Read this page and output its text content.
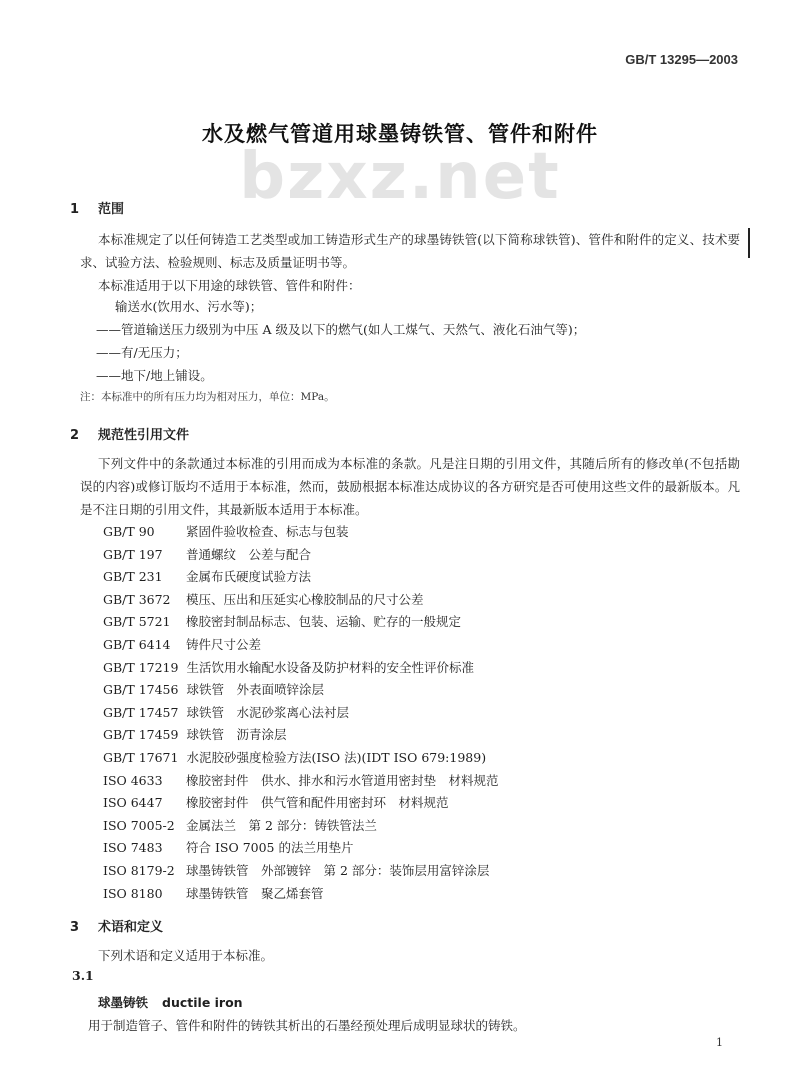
bzxz.net
GB/T 13295—2003
水及燃气管道用球墨铸铁管、管件和附件
1 范围
本标准规定了以任何铸造工艺类型或加工铸造形式生产的球墨铸铁管(以下简称球铁管)、管件和附件的定义、技术要求、试验方法、检验规则、标志及质量证明书等。
本标准适用于以下用途的球铁管、管件和附件：
输送水(饮用水、污水等)；
——管道输送压力级别为中压 A 级及以下的燃气(如人工煤气、天然气、液化石油气等)；
——有/无压力；
——地下/地上铺设。
注：本标准中的所有压力均为相对压力，单位：MPa。
2 规范性引用文件
下列文件中的条款通过本标准的引用而成为本标准的条款。凡是注日期的引用文件，其随后所有的修改单(不包括勘误的内容)或修订版均不适用于本标准，然而，鼓励根据本标准达成协议的各方研究是否可使用这些文件的最新版本。凡是不注日期的引用文件，其最新版本适用于本标准。
GB/T 90	紧固件验收检查、标志与包装
GB/T 197 普通螺纹　公差与配合
GB/T 231 金属布氏硬度试验方法
GB/T 3672 模压、压出和压延实心橡胶制品的尺寸公差
GB/T 5721 橡胶密封制品标志、包装、运输、贮存的一般规定
GB/T 6414 铸件尺寸公差
GB/T 17219 生活饮用水输配水设备及防护材料的安全性评价标准
GB/T 17456 球铁管　外表面喷锌涂层
GB/T 17457 球铁管　水泥砂浆离心法衬层
GB/T 17459 球铁管　沥青涂层
GB/T 17671 水泥胶砂强度检验方法(ISO 法)(IDT ISO 679:1989)
ISO 4633 橡胶密封件　供水、排水和污水管道用密封垫　材料规范
ISO 6447 橡胶密封件　供气管和配件用密封环　材料规范
ISO 7005-2 金属法兰　第 2 部分：铸铁管法兰
ISO 7483 符合 ISO 7005 的法兰用垫片
ISO 8179-2 球墨铸铁管　外部镀锌　第 2 部分：装饰层用富锌涂层
ISO 8180 球墨铸铁管　聚乙烯套管
3 术语和定义
下列术语和定义适用于本标准。
3.1
球墨铸铁 ductile iron
用于制造管子、管件和附件的铸铁其析出的石墨经预处理后成明显球状的铸铁。
1
